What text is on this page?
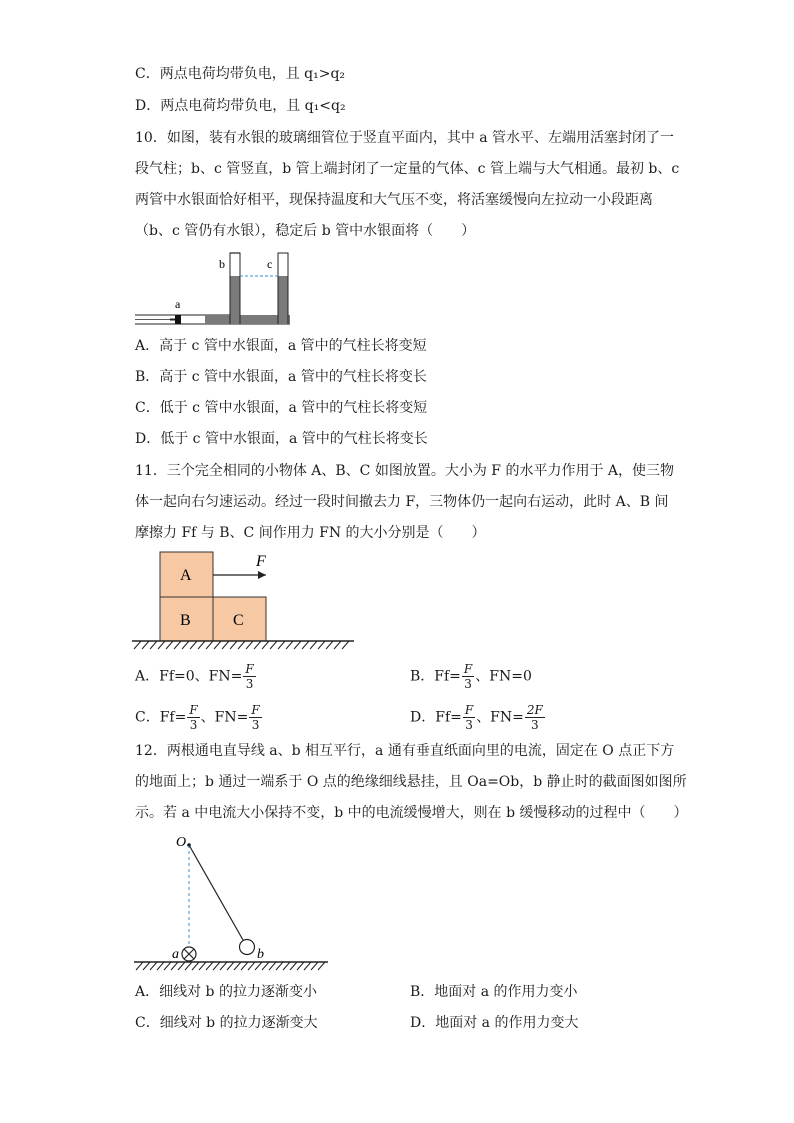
C．两点电荷均带负电，且 q₁>q₂
D．两点电荷均带负电，且 q₁<q₂
10．如图，装有水银的玻璃细管位于竖直平面内，其中 a 管水平、左端用活塞封闭了一
段气柱；b、c 管竖直，b 管上端封闭了一定量的气体、c 管上端与大气相通。最初 b、c
两管中水银面恰好相平，现保持温度和大气压不变，将活塞缓慢向左拉动一小段距离
（b、c 管仍有水银），稳定后 b 管中水银面将（　　）
a
b	c
A．高于 c 管中水银面，a 管中的气柱长将变短
B．高于 c 管中水银面，a 管中的气柱长将变长
C．低于 c 管中水银面，a 管中的气柱长将变短
D．低于 c 管中水银面，a 管中的气柱长将变长
11．三个完全相同的小物体 A、B、C 如图放置。大小为 F 的水平力作用于 A，使三物
体一起向右匀速运动。经过一段时间撤去力 F，三物体仍一起向右运动，此时 A、B 间
摩擦力 Ff 与 B、C 间作用力 FN 的大小分别是（　　）
A
B	C
F
A．Ff=0、$FN= \frac{F}{3}$	B．$Ff= \frac{F}{3}$ 、FN=0
C．$Ff= \frac{F}{3}$ 、$FN= \frac{F}{3}$	D．$Ff= \frac{F}{3}$ 、$FN= \frac{2F}{3}$
12．两根通电直导线 a、b 相互平行，a 通有垂直纸面向里的电流，固定在 O 点正下方
的地面上；b 通过一端系于 O 点的绝缘细线悬挂，且 Oa=Ob，b 静止时的截面图如图所
示。若 a 中电流大小保持不变，b 中的电流缓慢增大，则在 b 缓慢移动的过程中（　　）
O
a	b
A．细线对 b 的拉力逐渐变小	B．地面对 a 的作用力变小
C．细线对 b 的拉力逐渐变大	D．地面对 a 的作用力变大
